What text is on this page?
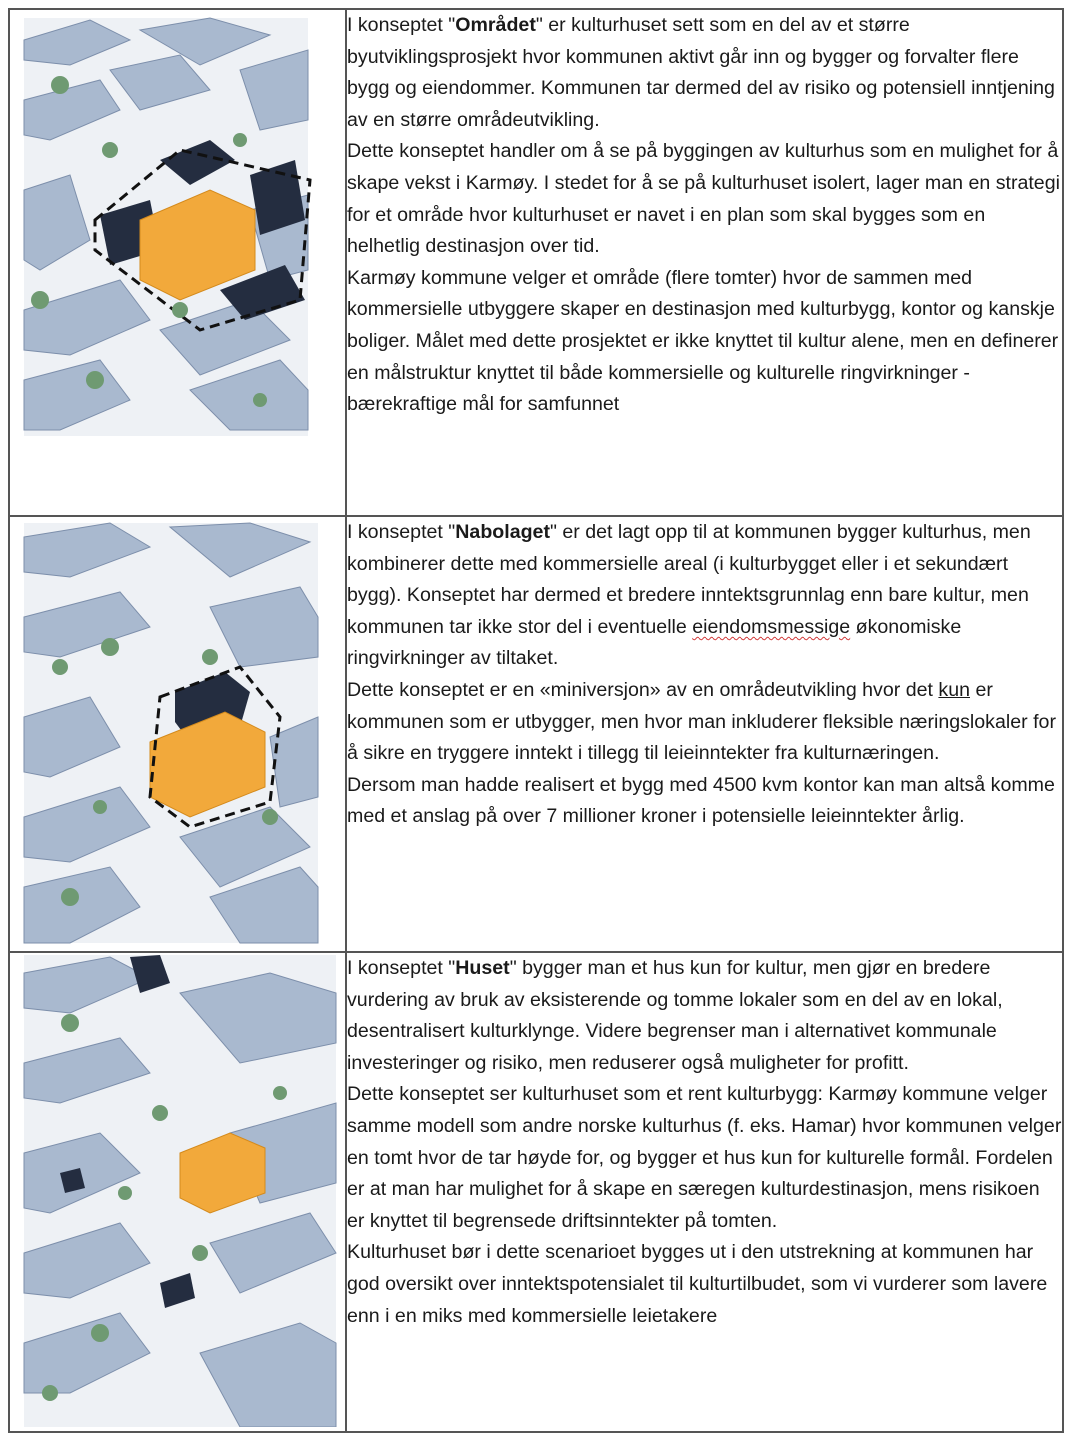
I konseptet "Området" er kulturhuset sett som en del av et større byutviklingsprosjekt hvor kommunen aktivt går inn og bygger og forvalter flere bygg og eiendommer. Kommunen tar dermed del av risiko og potensiell inntjening av en større områdeutvikling.

Dette konseptet handler om å se på byggingen av kulturhus som en mulighet for å skape vekst i Karmøy. I stedet for å se på kulturhuset isolert, lager man en strategi for et område hvor kulturhuset er navet i en plan som skal bygges som en helhetlig destinasjon over tid.

Karmøy kommune velger et område (flere tomter) hvor de sammen med kommersielle utbyggere skaper en destinasjon med kulturbygg, kontor og kanskje boliger. Målet med dette prosjektet er ikke knyttet til kultur alene, men en definerer en målstruktur knyttet til både kommersielle og kulturelle ringvirkninger - bærekraftige mål for samfunnet

I konseptet "Nabolaget" er det lagt opp til at kommunen bygger kulturhus, men kombinerer dette med kommersielle areal (i kulturbygget eller i et sekundært bygg). Konseptet har dermed et bredere inntektsgrunnlag enn bare kultur, men kommunen tar ikke stor del i eventuelle eiendomsmessige økonomiske ringvirkninger av tiltaket.

Dette konseptet er en «miniversjon» av en områdeutvikling hvor det kun er kommunen som er utbygger, men hvor man inkluderer fleksible næringslokaler for å sikre en tryggere inntekt i tillegg til leieinntekter fra kulturnæringen.

Dersom man hadde realisert et bygg med 4500 kvm kontor kan man altså komme med et anslag på over 7 millioner kroner i potensielle leieinntekter årlig.

I konseptet "Huset" bygger man et hus kun for kultur, men gjør en bredere vurdering av bruk av eksisterende og tomme lokaler som en del av en lokal, desentralisert kulturklynge. Videre begrenser man i alternativet kommunale investeringer og risiko, men reduserer også muligheter for profitt.

Dette konseptet ser kulturhuset som et rent kulturbygg: Karmøy kommune velger samme modell som andre norske kulturhus (f. eks. Hamar) hvor kommunen velger en tomt hvor de tar høyde for, og bygger et hus kun for kulturelle formål. Fordelen er at man har mulighet for å skape en særegen kulturdestinasjon, mens risikoen er knyttet til begrensede driftsinntekter på tomten.

Kulturhuset bør i dette scenarioet bygges ut i den utstrekning at kommunen har god oversikt over inntektspotensialet til kulturtilbudet, som vi vurderer som lavere enn i en miks med kommersielle leietakere
